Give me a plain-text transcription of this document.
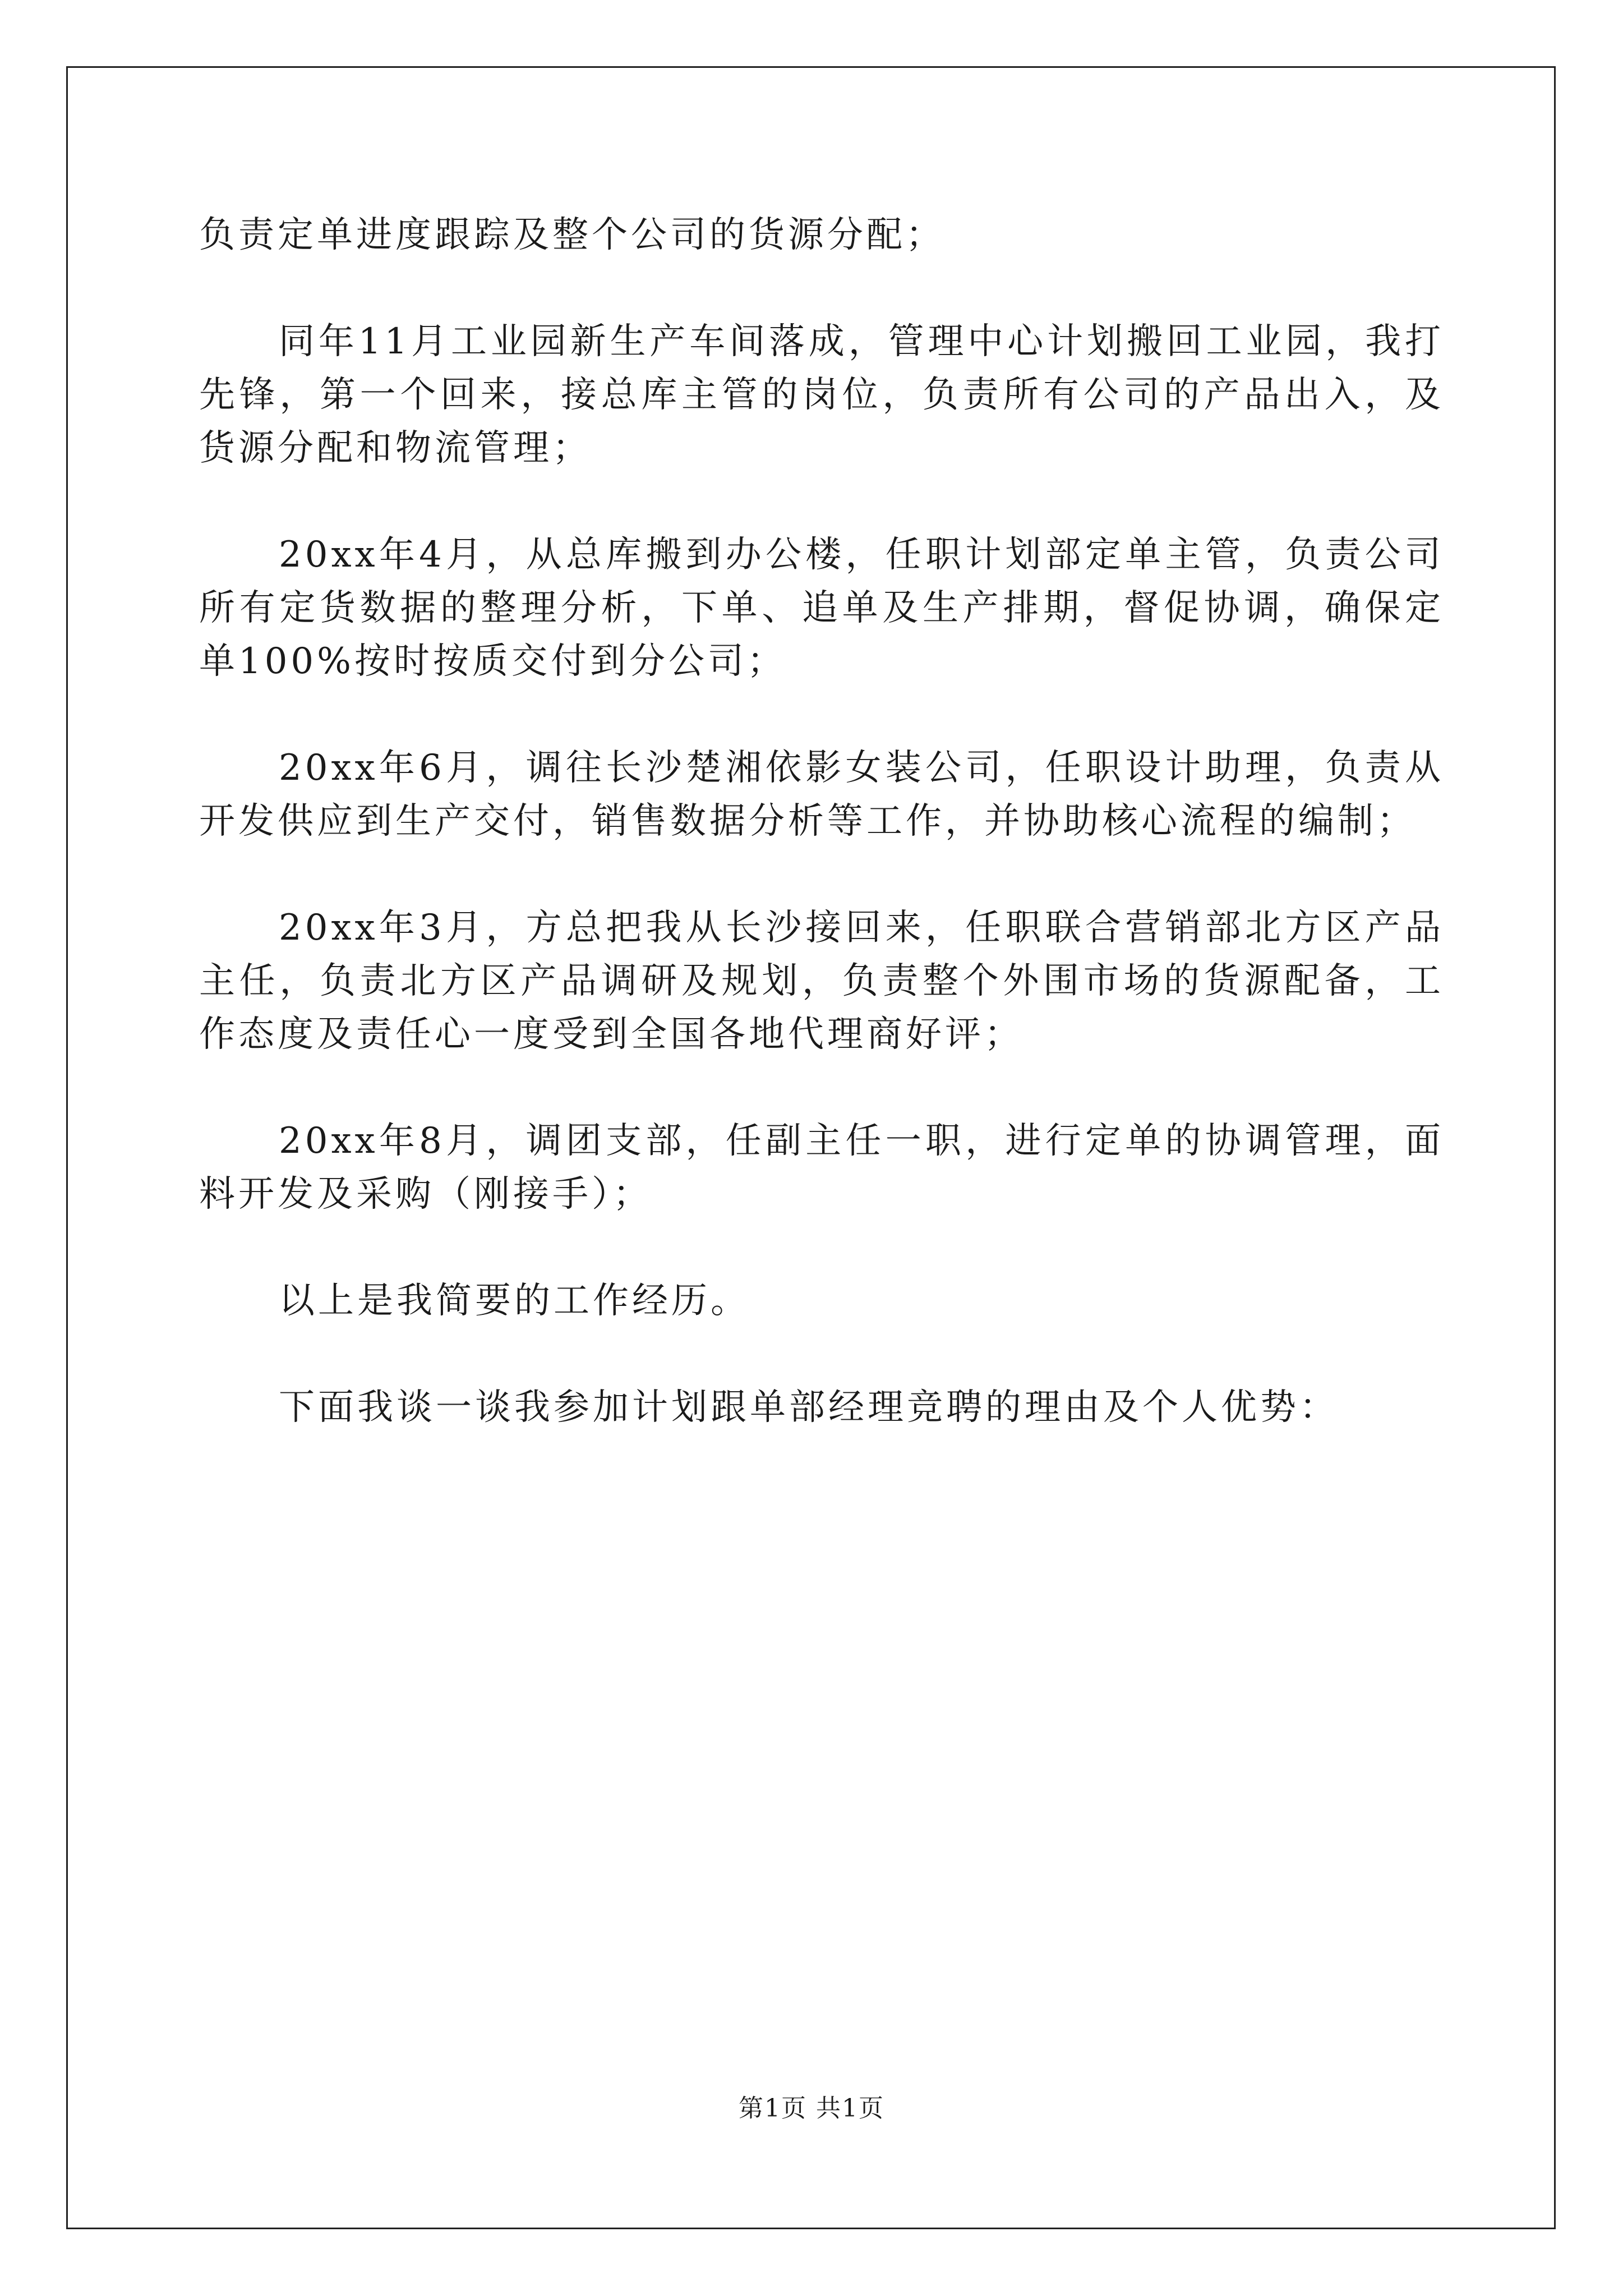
负责定单进度跟踪及整个公司的货源分配；

同年11月工业园新生产车间落成，管理中心计划搬回工业园，我打先锋，第一个回来，接总库主管的岗位，负责所有公司的产品出入，及货源分配和物流管理；

20xx年4月，从总库搬到办公楼，任职计划部定单主管，负责公司所有定货数据的整理分析，下单、追单及生产排期，督促协调，确保定单100%按时按质交付到分公司；

20xx年6月，调往长沙楚湘依影女装公司，任职设计助理，负责从开发供应到生产交付，销售数据分析等工作，并协助核心流程的编制；

20xx年3月，方总把我从长沙接回来，任职联合营销部北方区产品主任，负责北方区产品调研及规划，负责整个外围市场的货源配备，工作态度及责任心一度受到全国各地代理商好评；

20xx年8月，调团支部，任副主任一职，进行定单的协调管理，面料开发及采购（刚接手）；

以上是我简要的工作经历。

下面我谈一谈我参加计划跟单部经理竞聘的理由及个人优势：

第1页 共1页
